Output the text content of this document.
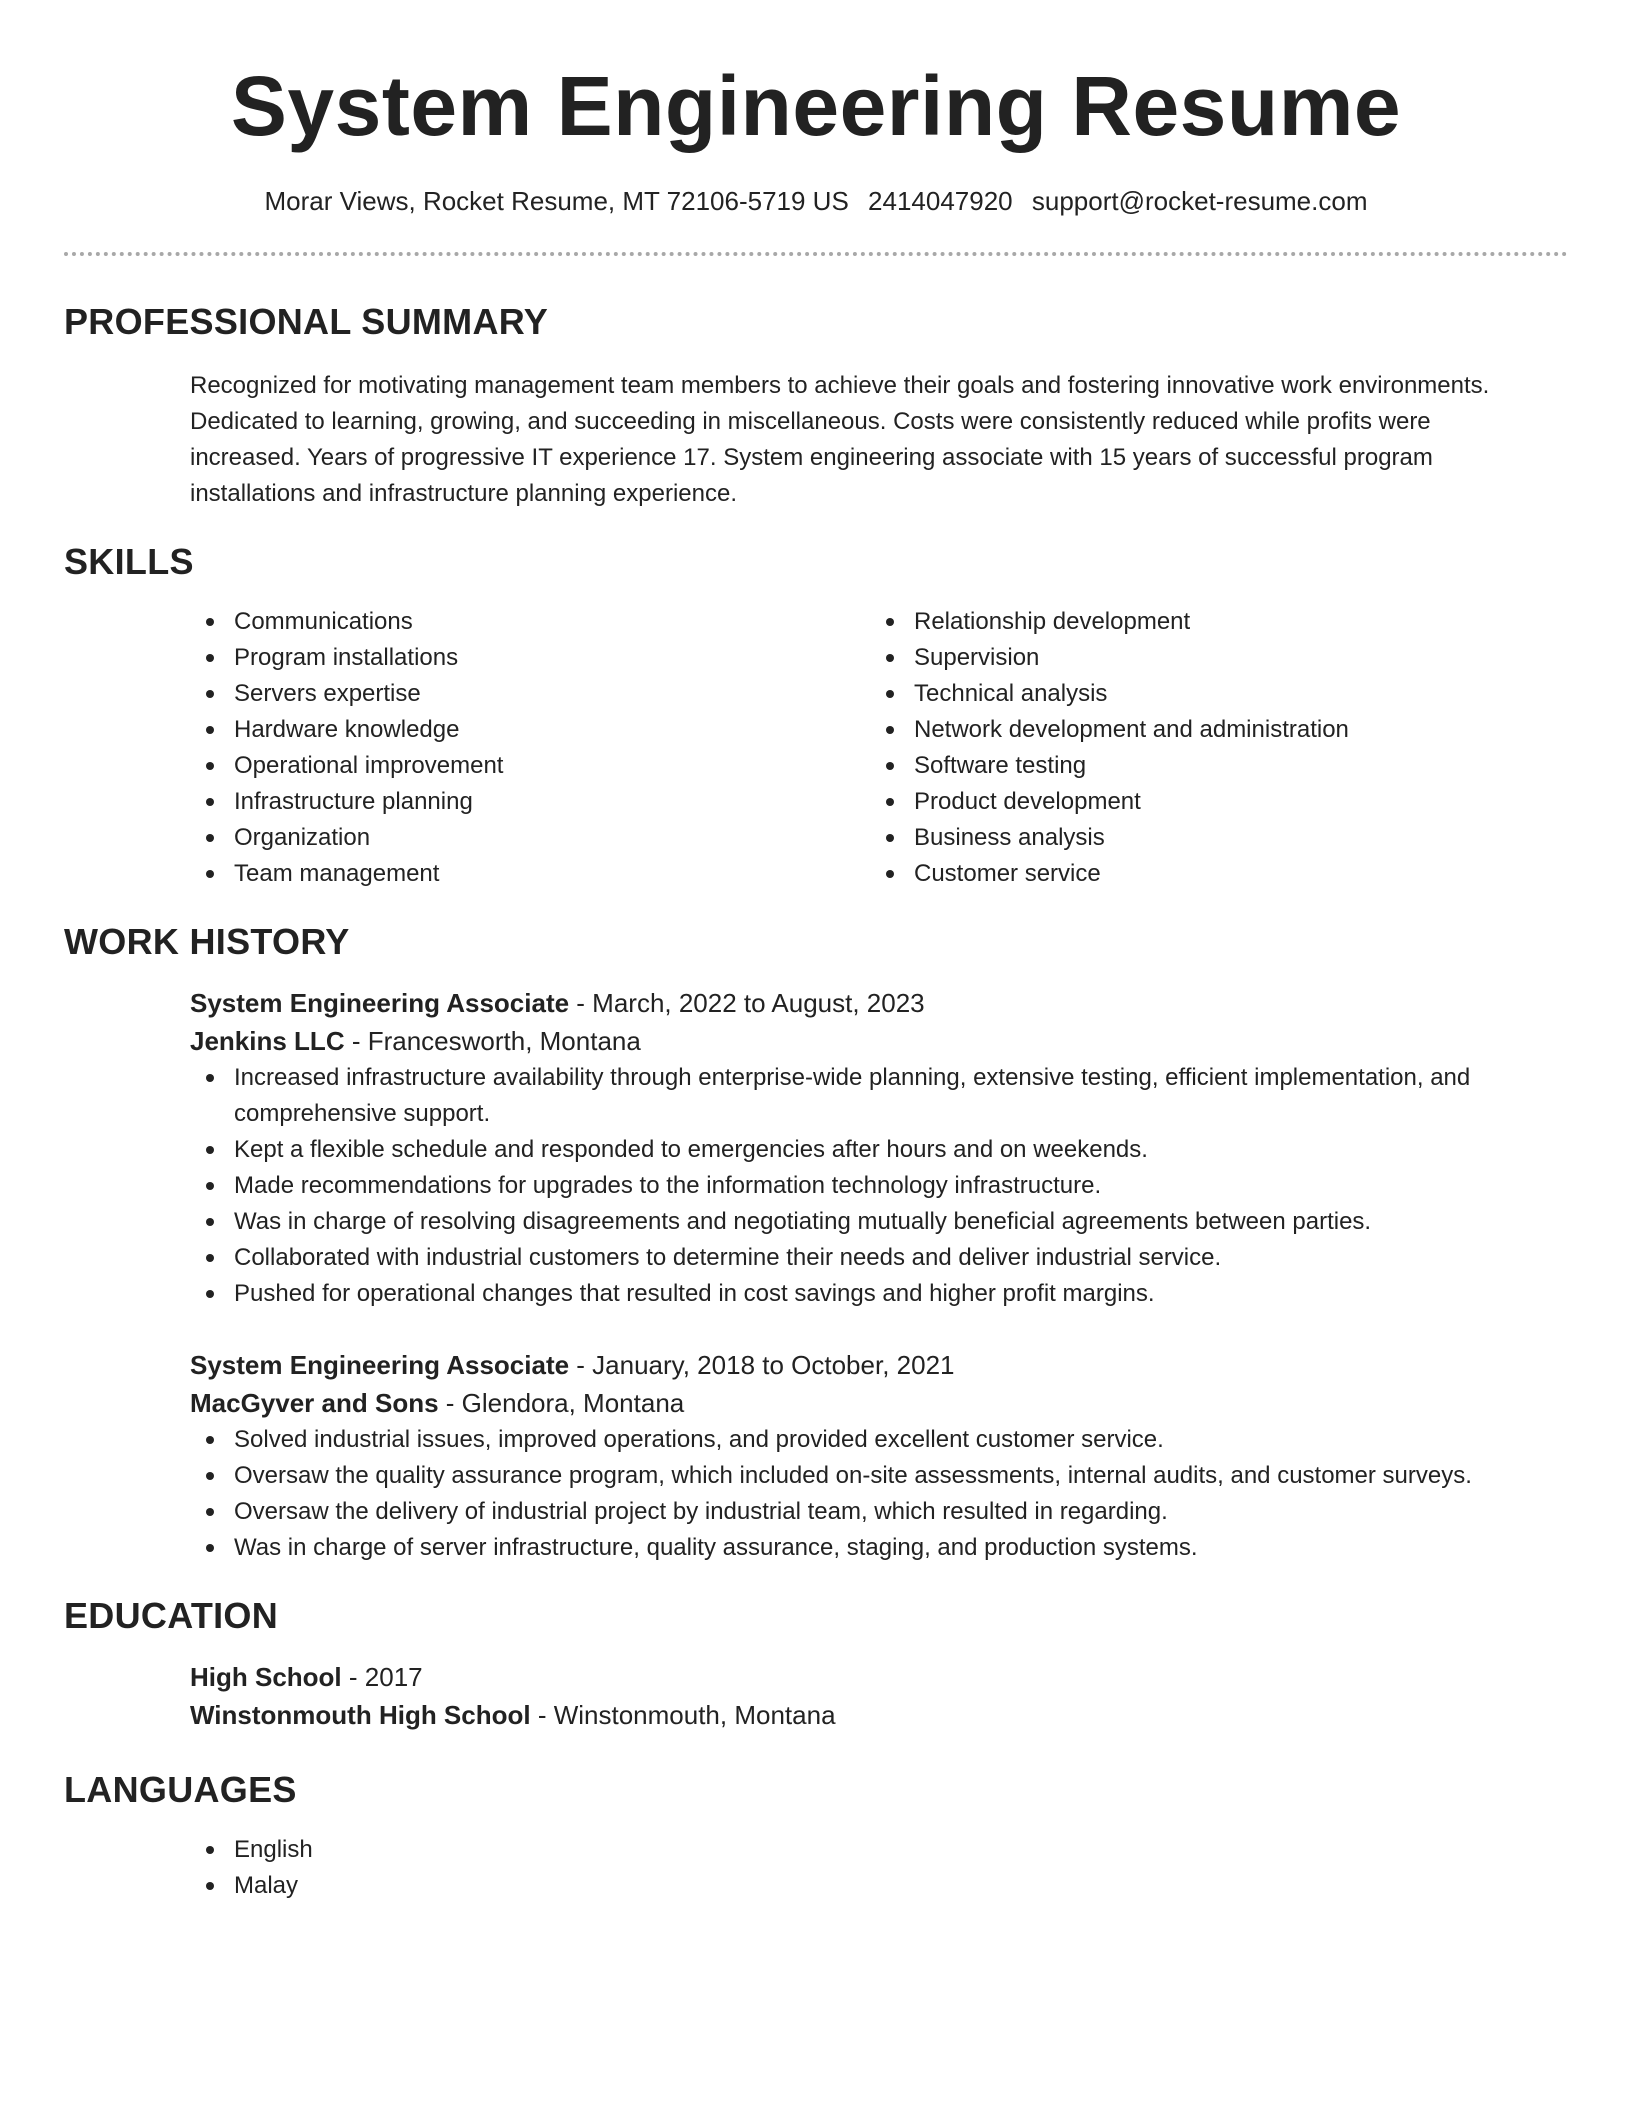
System Engineering Resume
Morar Views, Rocket Resume, MT 72106-5719 US 2414047920 support@rocket-resume.com
PROFESSIONAL SUMMARY
Recognized for motivating management team members to achieve their goals and fostering innovative work environments. Dedicated to learning, growing, and succeeding in miscellaneous. Costs were consistently reduced while profits were increased. Years of progressive IT experience 17. System engineering associate with 15 years of successful program installations and infrastructure planning experience.
SKILLS
Communications
Program installations
Servers expertise
Hardware knowledge
Operational improvement
Infrastructure planning
Organization
Team management
Relationship development
Supervision
Technical analysis
Network development and administration
Software testing
Product development
Business analysis
Customer service
WORK HISTORY
System Engineering Associate - March, 2022 to August, 2023
Jenkins LLC - Francesworth, Montana
Increased infrastructure availability through enterprise-wide planning, extensive testing, efficient implementation, and comprehensive support.
Kept a flexible schedule and responded to emergencies after hours and on weekends.
Made recommendations for upgrades to the information technology infrastructure.
Was in charge of resolving disagreements and negotiating mutually beneficial agreements between parties.
Collaborated with industrial customers to determine their needs and deliver industrial service.
Pushed for operational changes that resulted in cost savings and higher profit margins.
System Engineering Associate - January, 2018 to October, 2021
MacGyver and Sons - Glendora, Montana
Solved industrial issues, improved operations, and provided excellent customer service.
Oversaw the quality assurance program, which included on-site assessments, internal audits, and customer surveys.
Oversaw the delivery of industrial project by industrial team, which resulted in regarding.
Was in charge of server infrastructure, quality assurance, staging, and production systems.
EDUCATION
High School - 2017
Winstonmouth High School - Winstonmouth, Montana
LANGUAGES
English
Malay
